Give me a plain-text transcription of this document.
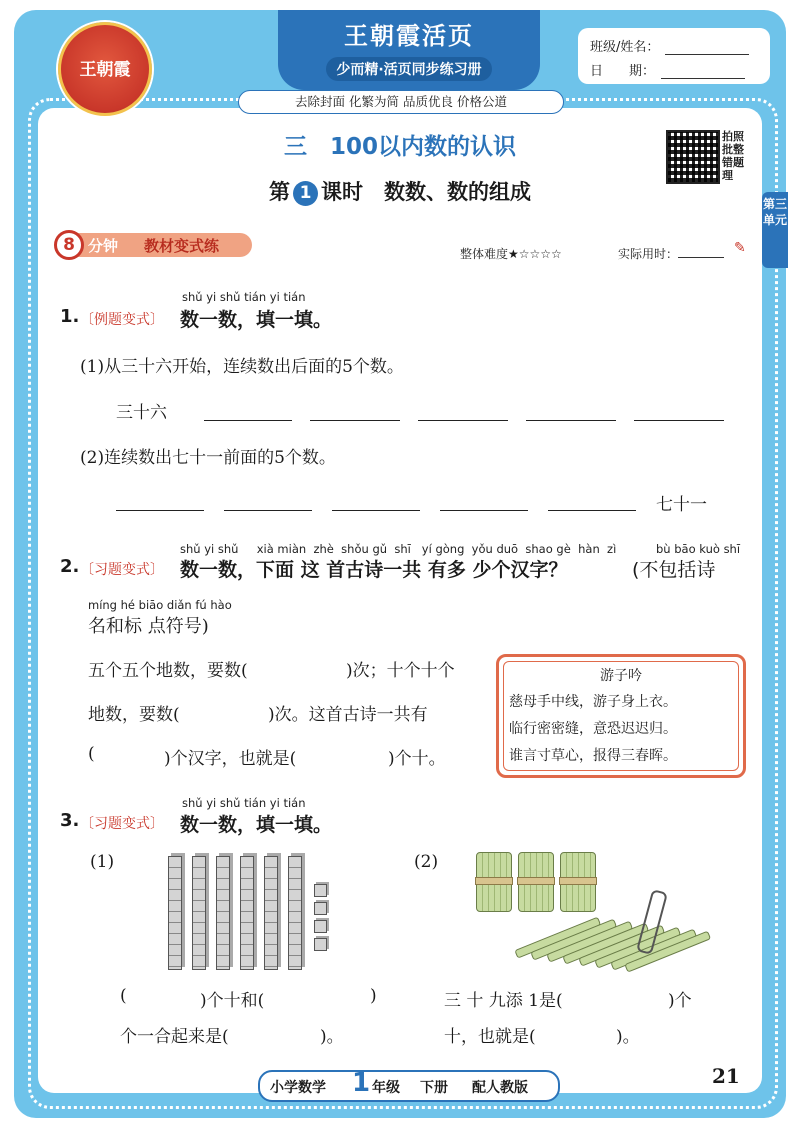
王朝霞
王朝霞活页
少而精·活页同步练习册
班级/姓名：
日　　期：
去除封面 化繁为简 品质优良 价格公道
三　100以内数的认识
第 1 课时　数数、数的组成
拍照批整错题理
第三单元
分钟 教材变式练
8	整体难度★☆☆☆☆	实际用时：	✎
shǔ yi shǔ tián yi tián
1. 〔例题变式〕 数一数，填一填。
(1)从三十六开始，连续数出后面的5个数。
三十六
(2)连续数出七十一前面的5个数。
七十一
shǔ yi shǔ     xià miàn  zhè  shǒu gǔ  shī   yí gòng  yǒu duō  shao gè  hàn  zì	bù bāo kuò shī
2. 〔习题变式〕 数一数，下面 这 首古诗一共 有多 少个汉字？	(不包括诗
míng hé biāo diǎn fú hào
名和标 点符号)
五个五个地数，要数(	)次；十个十个
地数，要数(	)次。这首古诗一共有
(	)个汉字，也就是(	)个十。
游子吟
慈母手中线，游子身上衣。
临行密密缝，意恐迟迟归。
谁言寸草心，报得三春晖。
shǔ yi shǔ tián yi tián
3. 〔习题变式〕 数一数，填一填。
(1)	(2)
(	)个十和(	)
个一合起来是(	)。
三 十 九添 1是(	)个
十，也就是(	)。
小学数学 1 年级 下册 配人教版	21
